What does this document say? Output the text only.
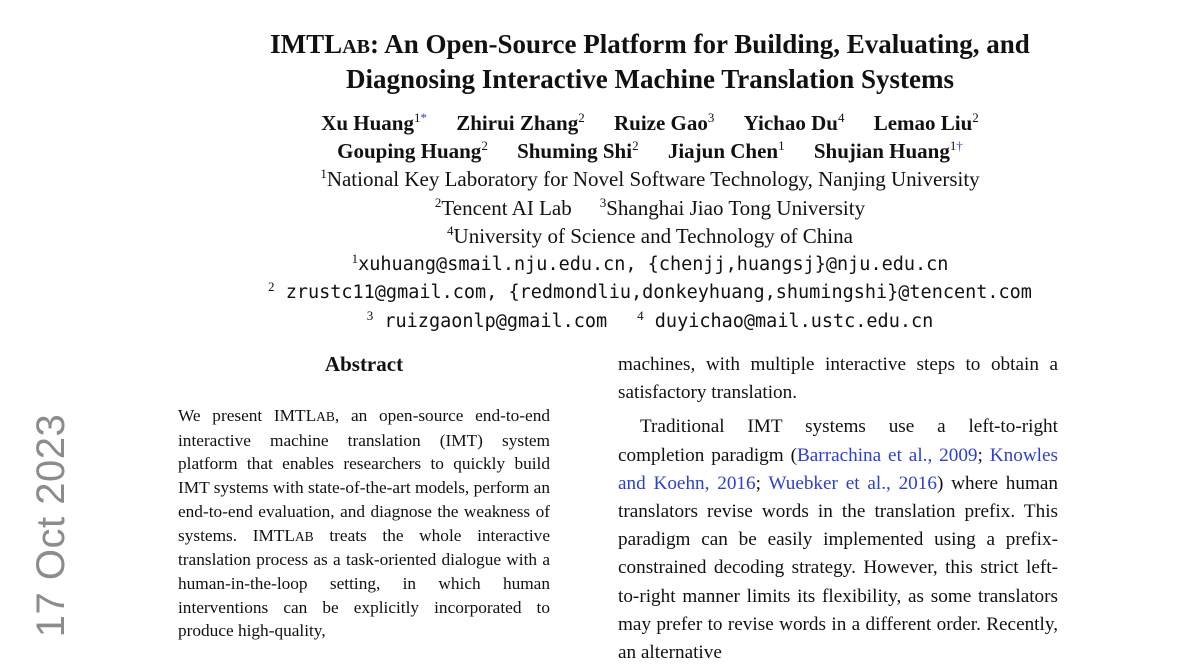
17 Oct 2023
IMTLAB: An Open-Source Platform for Building, Evaluating, and
Diagnosing Interactive Machine Translation Systems
Xu Huang$^{1*}$ Zhirui Zhang$^2$ Ruize Gao$^3$ Yichao Du$^4$ Lemao Liu$^2$
Gouping Huang$^2$ Shuming Shi$^2$ Jiajun Chen$^1$ Shujian Huang$^{1\dagger}$
$^1$National Key Laboratory for Novel Software Technology, Nanjing University
$^2$Tencent AI Lab $^3$Shanghai Jiao Tong University
$^4$University of Science and Technology of China
$^1$xuhuang@smail.nju.edu.cn, {chenjj,huangsj}@nju.edu.cn
$^2$ zrustc11@gmail.com, {redmondliu,donkeyhuang,shumingshi}@tencent.com
$^3$ ruizgaonlp@gmail.com $^4$ duyichao@mail.ustc.edu.cn
Abstract
We present IMTLAB, an open-source end-to-end interactive machine translation (IMT) system platform that enables researchers to quickly build IMT systems with state-of-the-art models, perform an end-to-end evaluation, and diagnose the weakness of systems. IMTLAB treats the whole interactive translation process as a task-oriented dialogue with a human-in-the-loop setting, in which human interventions can be explicitly incorporated to produce high-quality,

machines, with multiple interactive steps to obtain a satisfactory translation.

Traditional IMT systems use a left-to-right completion paradigm (Barrachina et al., 2009; Knowles and Koehn, 2016; Wuebker et al., 2016) where human translators revise words in the translation prefix. This paradigm can be easily implemented using a prefix-constrained decoding strategy. However, this strict left-to-right manner limits its flexibility, as some translators may prefer to revise words in a different order. Recently, an alternative
